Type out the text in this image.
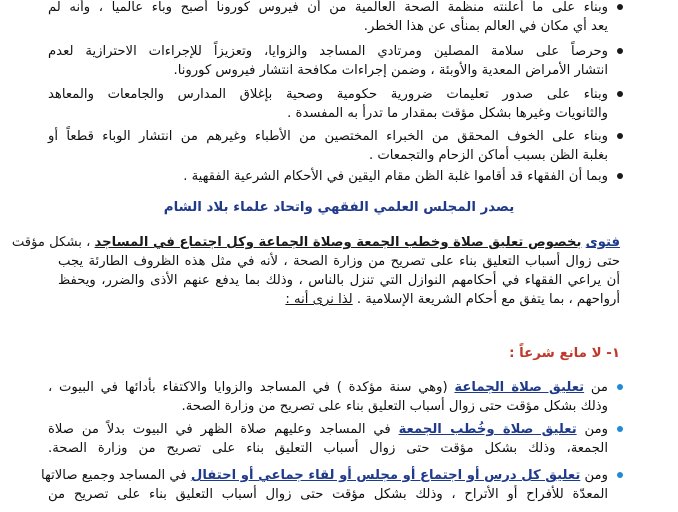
وبناء على ما أعلنته منظمة الصحة العالمية من أن فيروس كورونا أصبح وباء عالمياً ، وأنه لم
يعد أي مكان في العالم بمنأى عن هذا الخطر.
وحرصاً على سلامة المصلين ومرتادي المساجد والزوايا، وتعزيزاً للإجراءات الاحترازية لعدم
انتشار الأمراض المعدية والأوبئة ، وضمن إجراءات مكافحة انتشار فيروس كورونا.
وبناء على صدور تعليمات ضرورية حكومية وصحية بإغلاق المدارس والجامعات والمعاهد
والثانويات وغيرها بشكل مؤقت بمقدار ما تدرأ به المفسدة .
وبناء على الخوف المحقق من الخبراء المختصين من الأطباء وغيرهم من انتشار الوباء قطعاً أو
بغلبة الظن بسبب أماكن الزحام والتجمعات .
وبما أن الفقهاء قد أقاموا غلبة الظن مقام اليقين في الأحكام الشرعية الفقهية .
يصدر المجلس العلمي الفقهي واتحاد علماء بلاد الشام
فتوى بخصوص تعليق صلاة وخطب الجمعة وصلاة الجماعة وكل اجتماع في المساجد ، بشكل مؤقت
حتى زوال أسباب التعليق بناء على تصريح من وزارة الصحة ، لأنه في مثل هذه الظروف الطارئة يجب
أن يراعي الفقهاء في أحكامهم النوازل التي تنزل بالناس ، وذلك بما يدفع عنهم الأذى والضرر، ويحفظ
أرواحهم ، بما يتفق مع أحكام الشريعة الإسلامية . لذا نرى أنه :
١- لا مانع شرعاً :
من تعليق صلاة الجماعة (وهي سنة مؤكدة ) في المساجد والزوايا والاكتفاء بأدائها في البيوت ،
وذلك بشكل مؤقت حتى زوال أسباب التعليق بناء على تصريح من وزارة الصحة.
ومن تعليق صلاة وخُطب الجمعة في المساجد وعليهم صلاة الظهر في البيوت بدلاً من صلاة
الجمعة، وذلك بشكل مؤقت حتى زوال أسباب التعليق بناء على تصريح من وزارة الصحة.
ومن تعليق كل درس أو اجتماع أو مجلس أو لقاء جماعي أو احتفال في المساجد وجميع صالاتها
المعدّة للأفراح أو الأتراح ، وذلك بشكل مؤقت حتى زوال أسباب التعليق بناء على تصريح من
